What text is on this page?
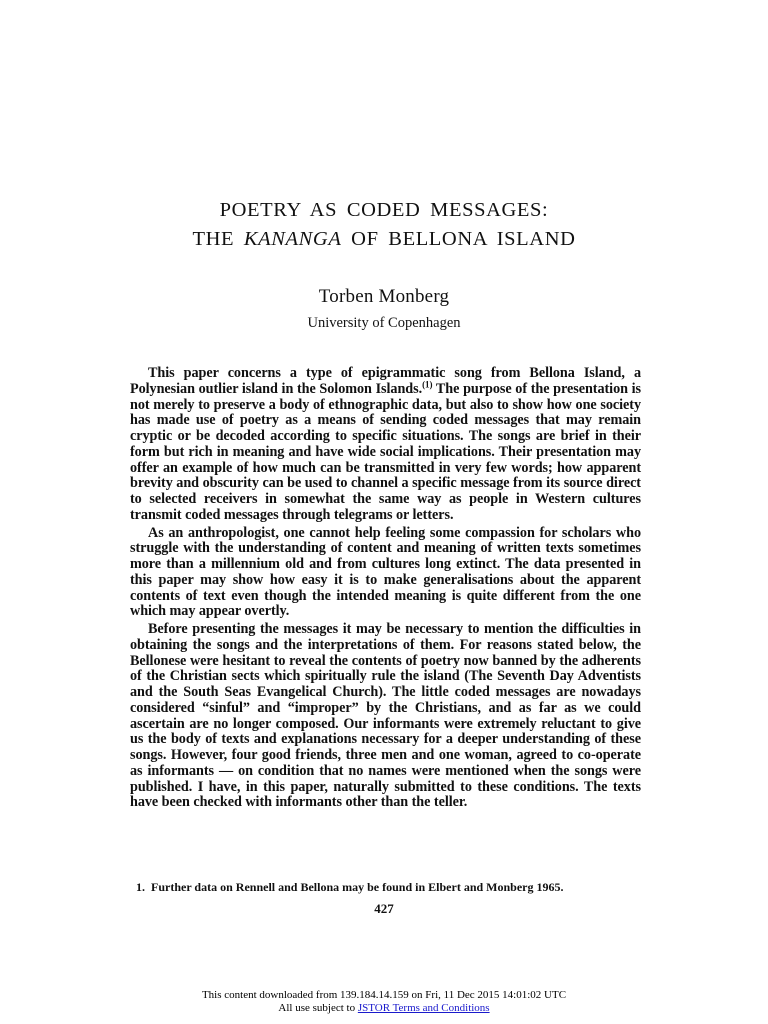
POETRY AS CODED MESSAGES:
THE KANANGA OF BELLONA ISLAND
Torben Monberg
University of Copenhagen

This paper concerns a type of epigrammatic song from Bellona Island, a Polynesian outlier island in the Solomon Islands.$^{(1)}$ The purpose of the presentation is not merely to preserve a body of ethnographic data, but also to show how one society has made use of poetry as a means of sending coded messages that may remain cryptic or be decoded according to specific situations. The songs are brief in their form but rich in meaning and have wide social implications. Their presentation may offer an example of how much can be transmitted in very few words; how apparent brevity and obscurity can be used to channel a specific message from its source direct to selected receivers in somewhat the same way as people in Western cultures transmit coded messages through telegrams or letters.

As an anthropologist, one cannot help feeling some compassion for scholars who struggle with the understanding of content and meaning of written texts sometimes more than a millennium old and from cultures long extinct. The data presented in this paper may show how easy it is to make generalisations about the apparent contents of text even though the intended meaning is quite different from the one which may appear overtly.

Before presenting the messages it may be necessary to mention the difficulties in obtaining the songs and the interpretations of them. For reasons stated below, the Bellonese were hesitant to reveal the contents of poetry now banned by the adherents of the Christian sects which spiritually rule the island (The Seventh Day Adventists and the South Seas Evangelical Church). The little coded messages are nowadays considered “sinful” and “improper” by the Christians, and as far as we could ascertain are no longer composed. Our informants were extremely reluctant to give us the body of texts and explanations necessary for a deeper understanding of these songs. However, four good friends, three men and one woman, agreed to co-operate as informants — on condition that no names were mentioned when the songs were published. I have, in this paper, naturally submitted to these conditions. The texts have been checked with informants other than the teller.

1. Further data on Rennell and Bellona may be found in Elbert and Monberg 1965.
427
This content downloaded from 139.184.14.159 on Fri, 11 Dec 2015 14:01:02 UTC
All use subject to JSTOR Terms and Conditions
